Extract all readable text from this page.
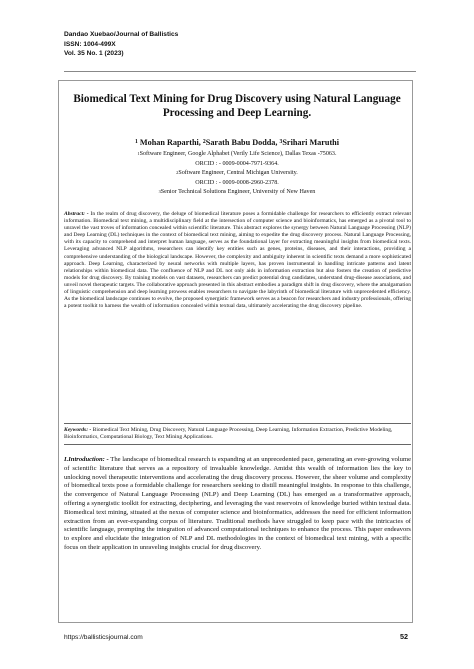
Dandao Xuebao/Journal of Ballistics
ISSN: 1004-499X
Vol. 35 No. 1 (2023)
Biomedical Text Mining for Drug Discovery using Natural Language Processing and Deep Learning.
$^1$ Mohan Raparthi, $^2$Sarath Babu Dodda, $^3$Srihari Maruthi
$^1$Software Engineer, Google Alphabet (Verily Life Science), Dallas Texas -75063.
ORCID : - 0009-0004-7971-9364.
$^2$Software Engineer, Central Michigan University.
ORCID : - 0009-0008-2960-2378.
$^3$Senior Technical Solutions Engineer, University of New Haven
Abstract: - In the realm of drug discovery, the deluge of biomedical literature poses a formidable challenge for researchers to efficiently extract relevant information. Biomedical text mining, a multidisciplinary field at the intersection of computer science and bioinformatics, has emerged as a pivotal tool to unravel the vast troves of information concealed within scientific literature. This abstract explores the synergy between Natural Language Processing (NLP) and Deep Learning (DL) techniques in the context of biomedical text mining, aiming to expedite the drug discovery process. Natural Language Processing, with its capacity to comprehend and interpret human language, serves as the foundational layer for extracting meaningful insights from biomedical texts. Leveraging advanced NLP algorithms, researchers can identify key entities such as genes, proteins, diseases, and their interactions, providing a comprehensive understanding of the biological landscape. However, the complexity and ambiguity inherent in scientific texts demand a more sophisticated approach. Deep Learning, characterized by neural networks with multiple layers, has proven instrumental in handling intricate patterns and latent relationships within biomedical data. The confluence of NLP and DL not only aids in information extraction but also fosters the creation of predictive models for drug discovery. By training models on vast datasets, researchers can predict potential drug candidates, understand drug-disease associations, and unveil novel therapeutic targets. The collaborative approach presented in this abstract embodies a paradigm shift in drug discovery, where the amalgamation of linguistic comprehension and deep learning prowess enables researchers to navigate the labyrinth of biomedical literature with unprecedented efficiency. As the biomedical landscape continues to evolve, the proposed synergistic framework serves as a beacon for researchers and industry professionals, offering a potent toolkit to harness the wealth of information concealed within textual data, ultimately accelerating the drug discovery pipeline.
Keywords: - Biomedical Text Mining, Drug Discovery, Natural Language Processing, Deep Learning, Information Extraction, Predictive Modeling, Bioinformatics, Computational Biology, Text Mining Applications.

I.Introduction: - The landscape of biomedical research is expanding at an unprecedented pace, generating an ever-growing volume of scientific literature that serves as a repository of invaluable knowledge. Amidst this wealth of information lies the key to unlocking novel therapeutic interventions and accelerating the drug discovery process. However, the sheer volume and complexity of biomedical texts pose a formidable challenge for researchers seeking to distill meaningful insights. In response to this challenge, the convergence of Natural Language Processing (NLP) and Deep Learning (DL) has emerged as a transformative approach, offering a synergistic toolkit for extracting, deciphering, and leveraging the vast reservoirs of knowledge buried within textual data.

Biomedical text mining, situated at the nexus of computer science and bioinformatics, addresses the need for efficient information extraction from an ever-expanding corpus of literature. Traditional methods have struggled to keep pace with the intricacies of scientific language, prompting the integration of advanced computational techniques to enhance the process. This paper endeavors to explore and elucidate the integration of NLP and DL methodologies in the context of biomedical text mining, with a specific focus on their application in unraveling insights crucial for drug discovery.

https://ballisticsjournal.com	52
